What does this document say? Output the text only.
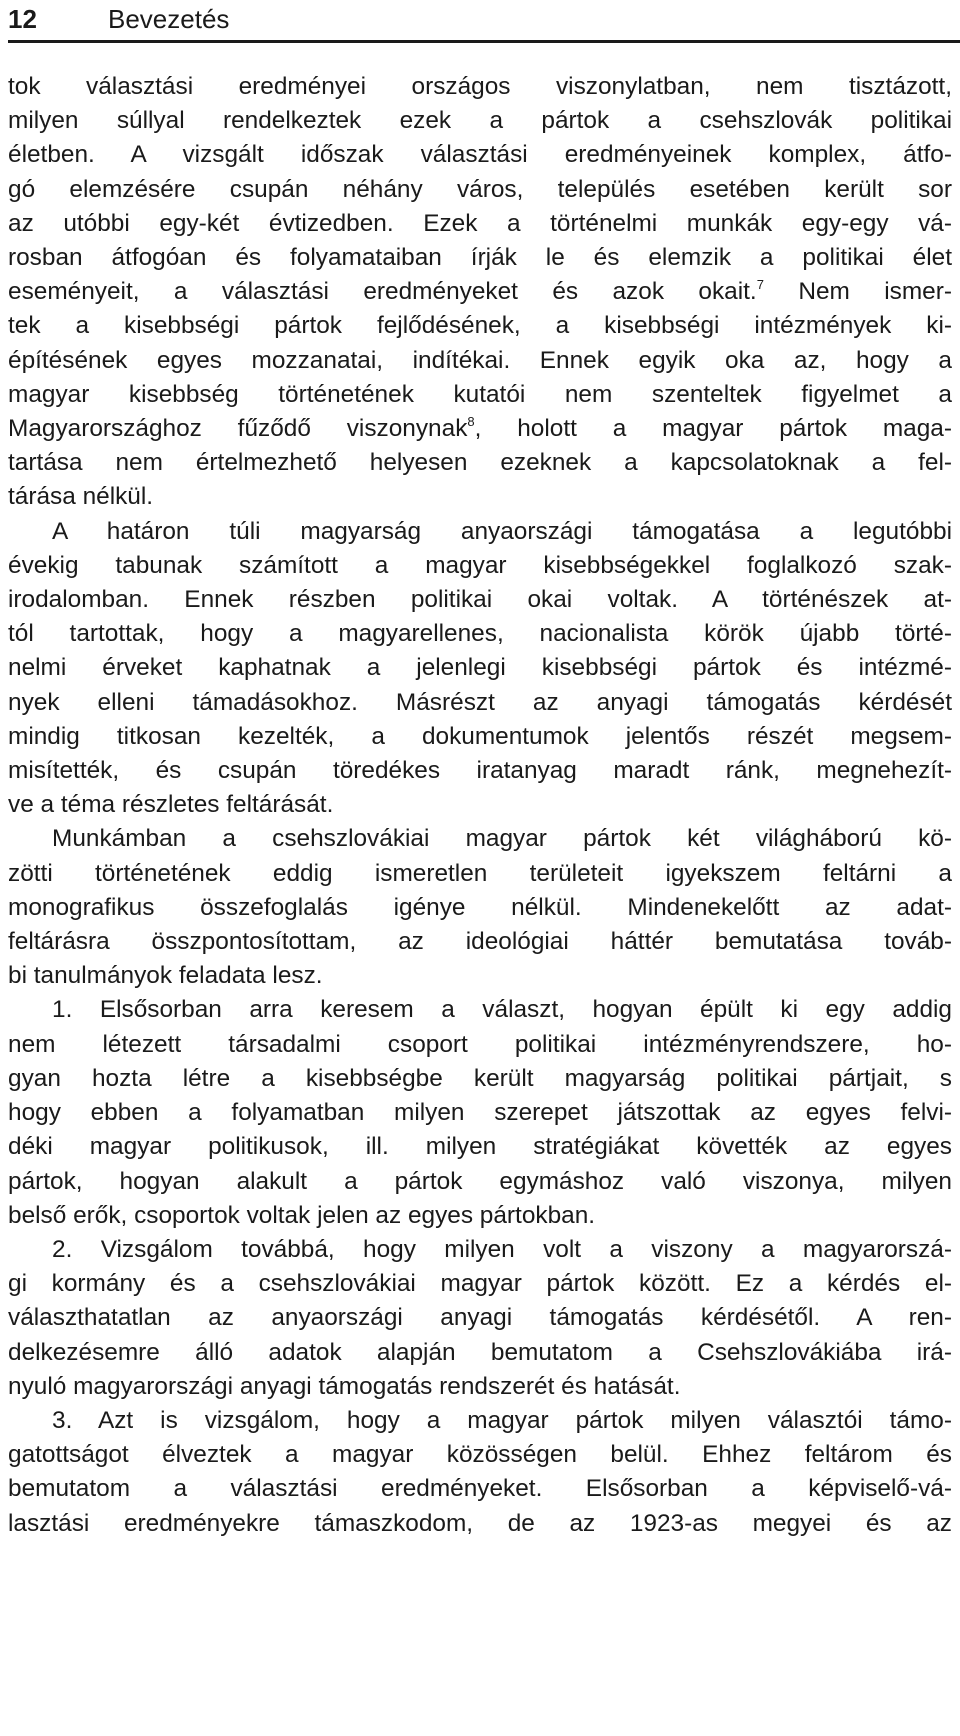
12	Bevezetés

tok választási eredményei országos viszonylatban, nem tisztázott,

milyen súllyal rendelkeztek ezek a pártok a csehszlovák politikai

életben. A vizsgált időszak választási eredményeinek komplex, átfo-

gó elemzésére csupán néhány város, település esetében került sor

az utóbbi egy-két évtizedben. Ezek a történelmi munkák egy-egy vá-

rosban átfogóan és folyamataiban írják le és elemzik a politikai élet

eseményeit, a választási eredményeket és azok okait.$^7$ Nem ismer-

tek a kisebbségi pártok fejlődésének, a kisebbségi intézmények ki-

építésének egyes mozzanatai, indítékai. Ennek egyik oka az, hogy a

magyar kisebbség történetének kutatói nem szenteltek figyelmet a

Magyarországhoz fűződő viszonynak$^8$, holott a magyar pártok maga-

tartása nem értelmezhető helyesen ezeknek a kapcsolatoknak a fel-

tárása nélkül.

A határon túli magyarság anyaországi támogatása a legutóbbi

évekig tabunak számított a magyar kisebbségekkel foglalkozó szak-

irodalomban. Ennek részben politikai okai voltak. A történészek at-

tól tartottak, hogy a magyarellenes, nacionalista körök újabb törté-

nelmi érveket kaphatnak a jelenlegi kisebbségi pártok és intézmé-

nyek elleni támadásokhoz. Másrészt az anyagi támogatás kérdését

mindig titkosan kezelték, a dokumentumok jelentős részét megsem-

misítették, és csupán töredékes iratanyag maradt ránk, megnehezít-

ve a téma részletes feltárását.

Munkámban a csehszlovákiai magyar pártok két világháború kö-

zötti történetének eddig ismeretlen területeit igyekszem feltárni a

monografikus összefoglalás igénye nélkül. Mindenekelőtt az adat-

feltárásra összpontosítottam, az ideológiai háttér bemutatása továb-

bi tanulmányok feladata lesz.

1. Elsősorban arra keresem a választ, hogyan épült ki egy addig

nem létezett társadalmi csoport politikai intézményrendszere, ho-

gyan hozta létre a kisebbségbe került magyarság politikai pártjait, s

hogy ebben a folyamatban milyen szerepet játszottak az egyes felvi-

déki magyar politikusok, ill. milyen stratégiákat követték az egyes

pártok, hogyan alakult a pártok egymáshoz való viszonya, milyen

belső erők, csoportok voltak jelen az egyes pártokban.

2. Vizsgálom továbbá, hogy milyen volt a viszony a magyarorszá-

gi kormány és a csehszlovákiai magyar pártok között. Ez a kérdés el-

választhatatlan az anyaországi anyagi támogatás kérdésétől. A ren-

delkezésemre álló adatok alapján bemutatom a Csehszlovákiába irá-

nyuló magyarországi anyagi támogatás rendszerét és hatását.

3. Azt is vizsgálom, hogy a magyar pártok milyen választói támo-

gatottságot élveztek a magyar közösségen belül. Ehhez feltárom és

bemutatom a választási eredményeket. Elsősorban a képviselő-vá-

lasztási eredményekre támaszkodom, de az 1923-as megyei és az
